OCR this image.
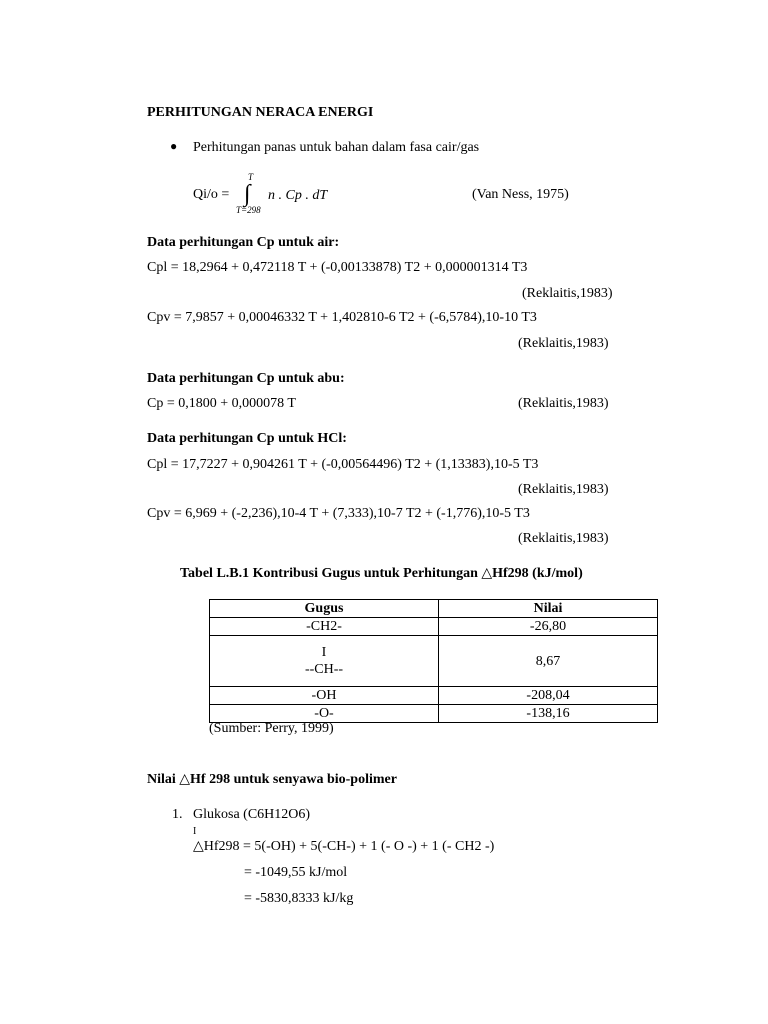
PERHITUNGAN NERACA ENERGI
● Perhitungan panas untuk bahan dalam fasa cair/gas
Qi/o =
T
∫
T=298
n . Cp . dT	(Van Ness, 1975)
Data perhitungan Cp untuk air:
Cpl = 18,2964 + 0,472118 T + (-0,00133878) T2 + 0,000001314 T3
(Reklaitis,1983)
Cpv = 7,9857 + 0,00046332 T + 1,402810-6 T2 + (-6,5784),10-10 T3
(Reklaitis,1983)
Data perhitungan Cp untuk abu:
Cp = 0,1800 + 0,000078 T	(Reklaitis,1983)
Data perhitungan Cp untuk HCl:
Cpl = 17,7227 + 0,904261 T + (-0,00564496) T2 + (1,13383),10-5 T3
(Reklaitis,1983)
Cpv = 6,969 + (-2,236),10-4 T + (7,333),10-7 T2 + (-1,776),10-5 T3
(Reklaitis,1983)
Tabel L.B.1 Kontribusi Gugus untuk Perhitungan △Hf298 (kJ/mol)
Gugus	Nilai
-CH2-	-26,80

I
--CH--	8,67
-OH	-208,04
-O-	-138,16
(Sumber: Perry, 1999)
Nilai △Hf 298 untuk senyawa bio-polimer
1. Glukosa (C6H12O6)
I
△Hf298 = 5(-OH) + 5(-CH-) + 1 (- O -) + 1 (- CH2 -)
= -1049,55 kJ/mol
= -5830,8333 kJ/kg
